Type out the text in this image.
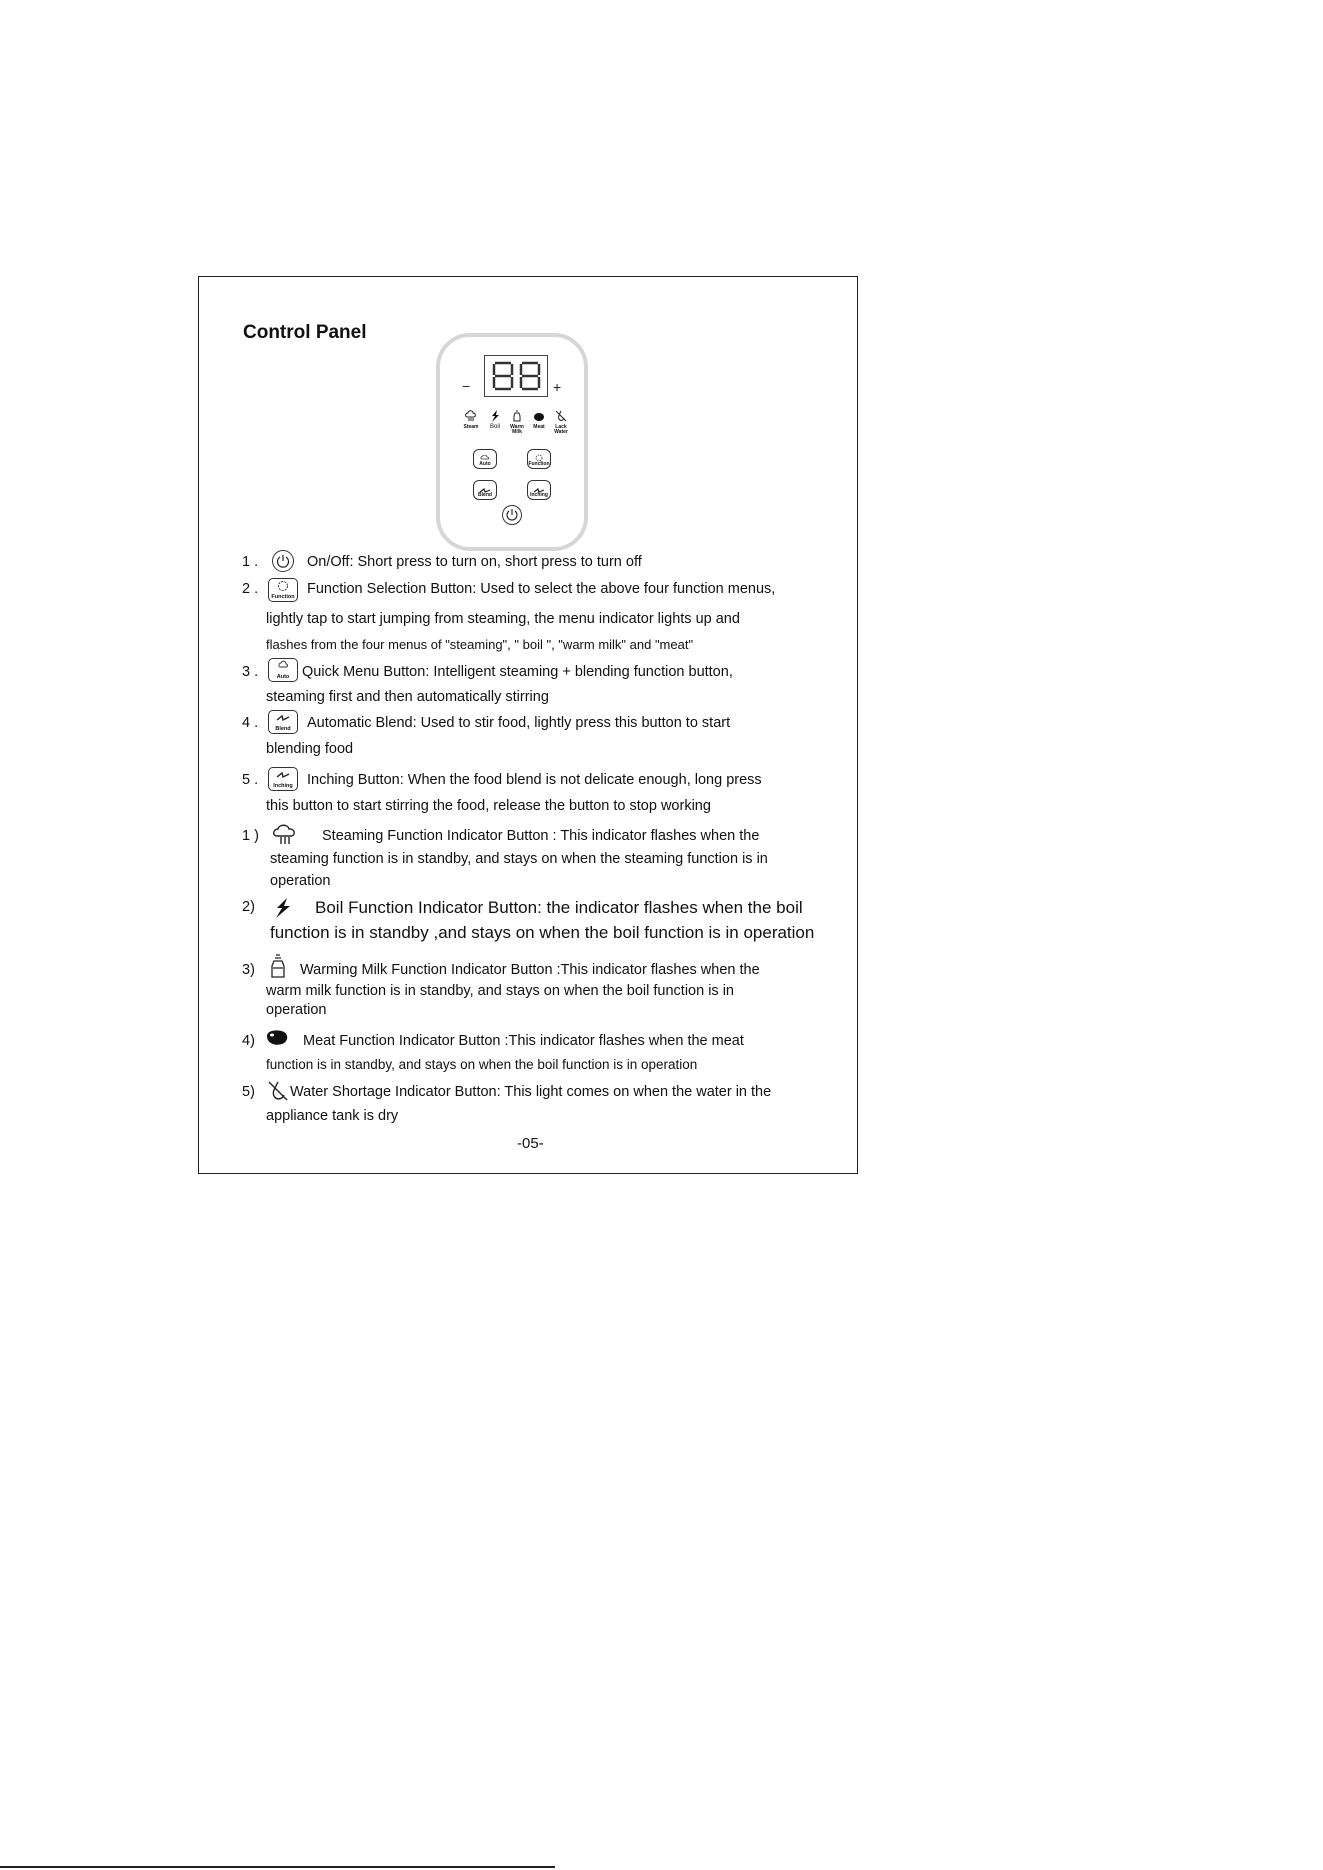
Control Panel
−	+
Steam	Boil	Warm Milk
Meat	Lack Water
Auto	Function
Blend	Inching
1 .	On/Off: Short press to turn on, short press to turn off
2 .	Function Function Selection Button: Used to select the above four function menus,
lightly tap to start jumping from steaming, the menu indicator lights up and
flashes from the four menus of "steaming", " boil ", "warm milk" and "meat"
3 .	Auto Quick Menu Button: Intelligent steaming + blending function button,
steaming first and then automatically stirring
4 .	Blend	Automatic Blend: Used to stir food, lightly press this button to start
blending food
5 .	Inching Inching Button: When the food blend is not delicate enough, long press
this button to start stirring the food, release the button to stop working
1 )	Steaming Function Indicator Button : This indicator flashes when the
steaming function is in standby, and stays on when the steaming function is in
operation
2)	Boil Function Indicator Button: the indicator flashes when the boil
function is in standby ,and stays on when the boil function is in operation
3)	Warming Milk Function Indicator Button :This indicator flashes when the
warm milk function is in standby, and stays on when the boil function is in
operation
4)	Meat Function Indicator Button :This indicator flashes when the meat
function is in standby, and stays on when the boil function is in operation
5) Water Shortage Indicator Button: This light comes on when the water in the
appliance tank is dry
-05-
